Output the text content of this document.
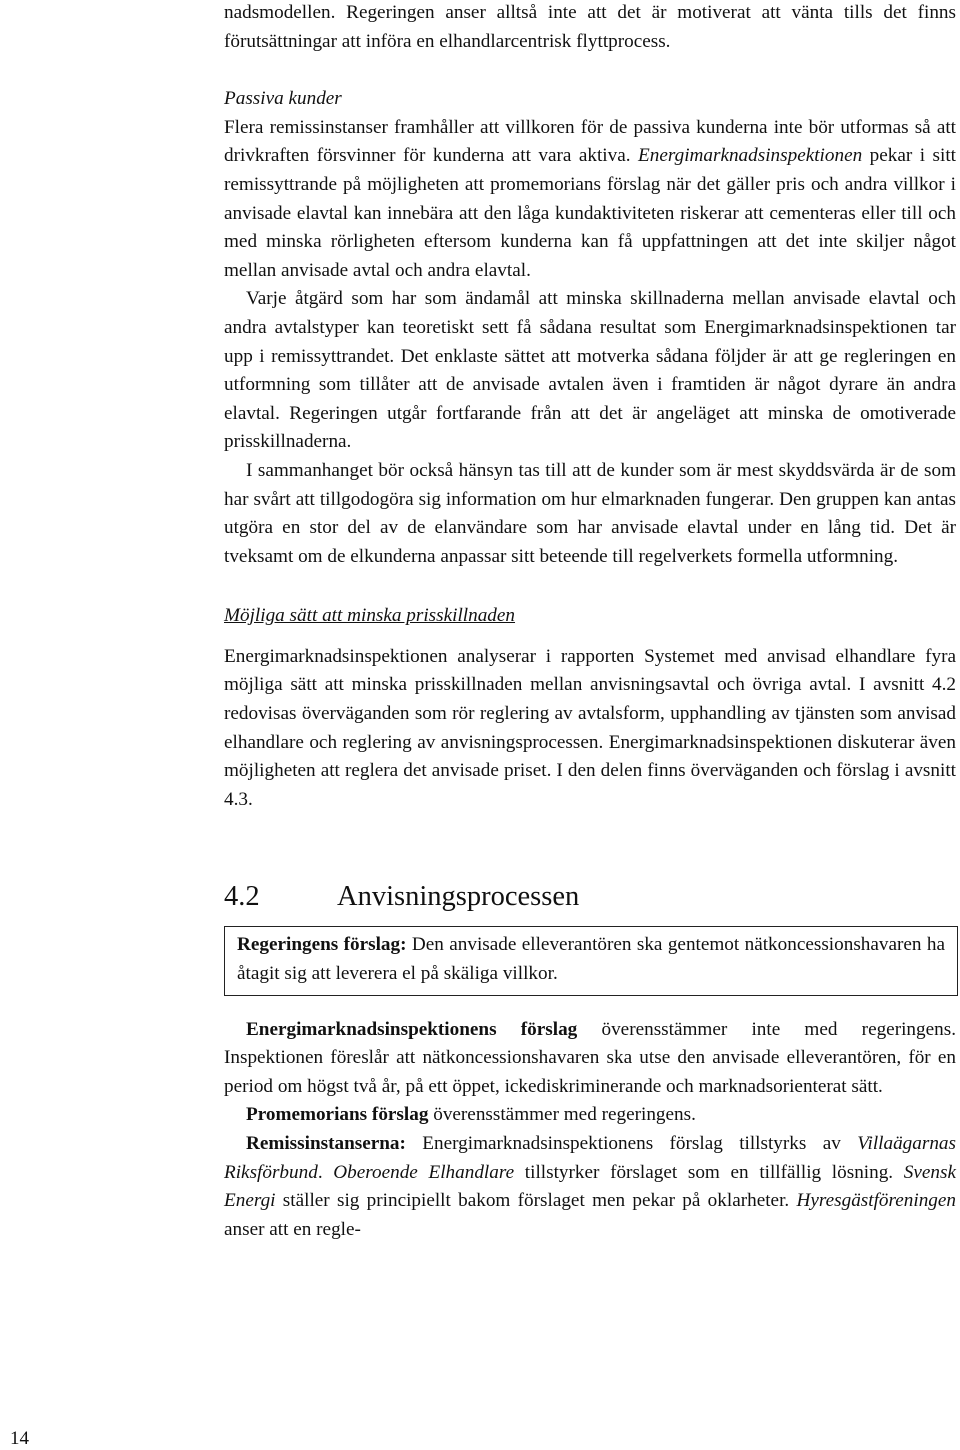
nadsmodellen. Regeringen anser alltså inte att det är motiverat att vänta tills det finns förutsättningar att införa en elhandlarcentrisk flyttprocess.

Passiva kunder

Flera remissinstanser framhåller att villkoren för de passiva kunderna inte bör utformas så att drivkraften försvinner för kunderna att vara aktiva. Energimarknadsinspektionen pekar i sitt remissyttrande på möjligheten att promemorians förslag när det gäller pris och andra villkor i anvisade elavtal kan innebära att den låga kundaktiviteten riskerar att cementeras eller till och med minska rörligheten eftersom kunderna kan få uppfattningen att det inte skiljer något mellan anvisade avtal och andra elavtal.

Varje åtgärd som har som ändamål att minska skillnaderna mellan anvisade elavtal och andra avtalstyper kan teoretiskt sett få sådana resultat som Energimarknadsinspektionen tar upp i remissyttrandet. Det enklaste sättet att motverka sådana följder är att ge regleringen en utformning som tillåter att de anvisade avtalen även i framtiden är något dyrare än andra elavtal. Regeringen utgår fortfarande från att det är angeläget att minska de omotiverade prisskillnaderna.

I sammanhanget bör också hänsyn tas till att de kunder som är mest skyddsvärda är de som har svårt att tillgodogöra sig information om hur elmarknaden fungerar. Den gruppen kan antas utgöra en stor del av de elanvändare som har anvisade elavtal under en lång tid. Det är tveksamt om de elkunderna anpassar sitt beteende till regelverkets formella utformning.

Möjliga sätt att minska prisskillnaden

Energimarknadsinspektionen analyserar i rapporten Systemet med anvisad elhandlare fyra möjliga sätt att minska prisskillnaden mellan anvisningsavtal och övriga avtal. I avsnitt 4.2 redovisas överväganden som rör reglering av avtalsform, upphandling av tjänsten som anvisad elhandlare och reglering av anvisningsprocessen. Energimarknadsinspektionen diskuterar även möjligheten att reglera det anvisade priset. I den delen finns överväganden och förslag i avsnitt 4.3.

4.2	Anvisningsprocessen

Regeringens förslag: Den anvisade elleverantören ska gentemot nätkoncessionshavaren ha åtagit sig att leverera el på skäliga villkor.

Energimarknadsinspektionens förslag överensstämmer inte med regeringens. Inspektionen föreslår att nätkoncessionshavaren ska utse den anvisade elleverantören, för en period om högst två år, på ett öppet, ickediskriminerande och marknadsorienterat sätt.

Promemorians förslag överensstämmer med regeringens.

Remissinstanserna: Energimarknadsinspektionens förslag tillstyrks av Villaägarnas Riksförbund. Oberoende Elhandlare tillstyrker förslaget som en tillfällig lösning. Svensk Energi ställer sig principiellt bakom förslaget men pekar på oklarheter. Hyresgästföreningen anser att en regle-

14
